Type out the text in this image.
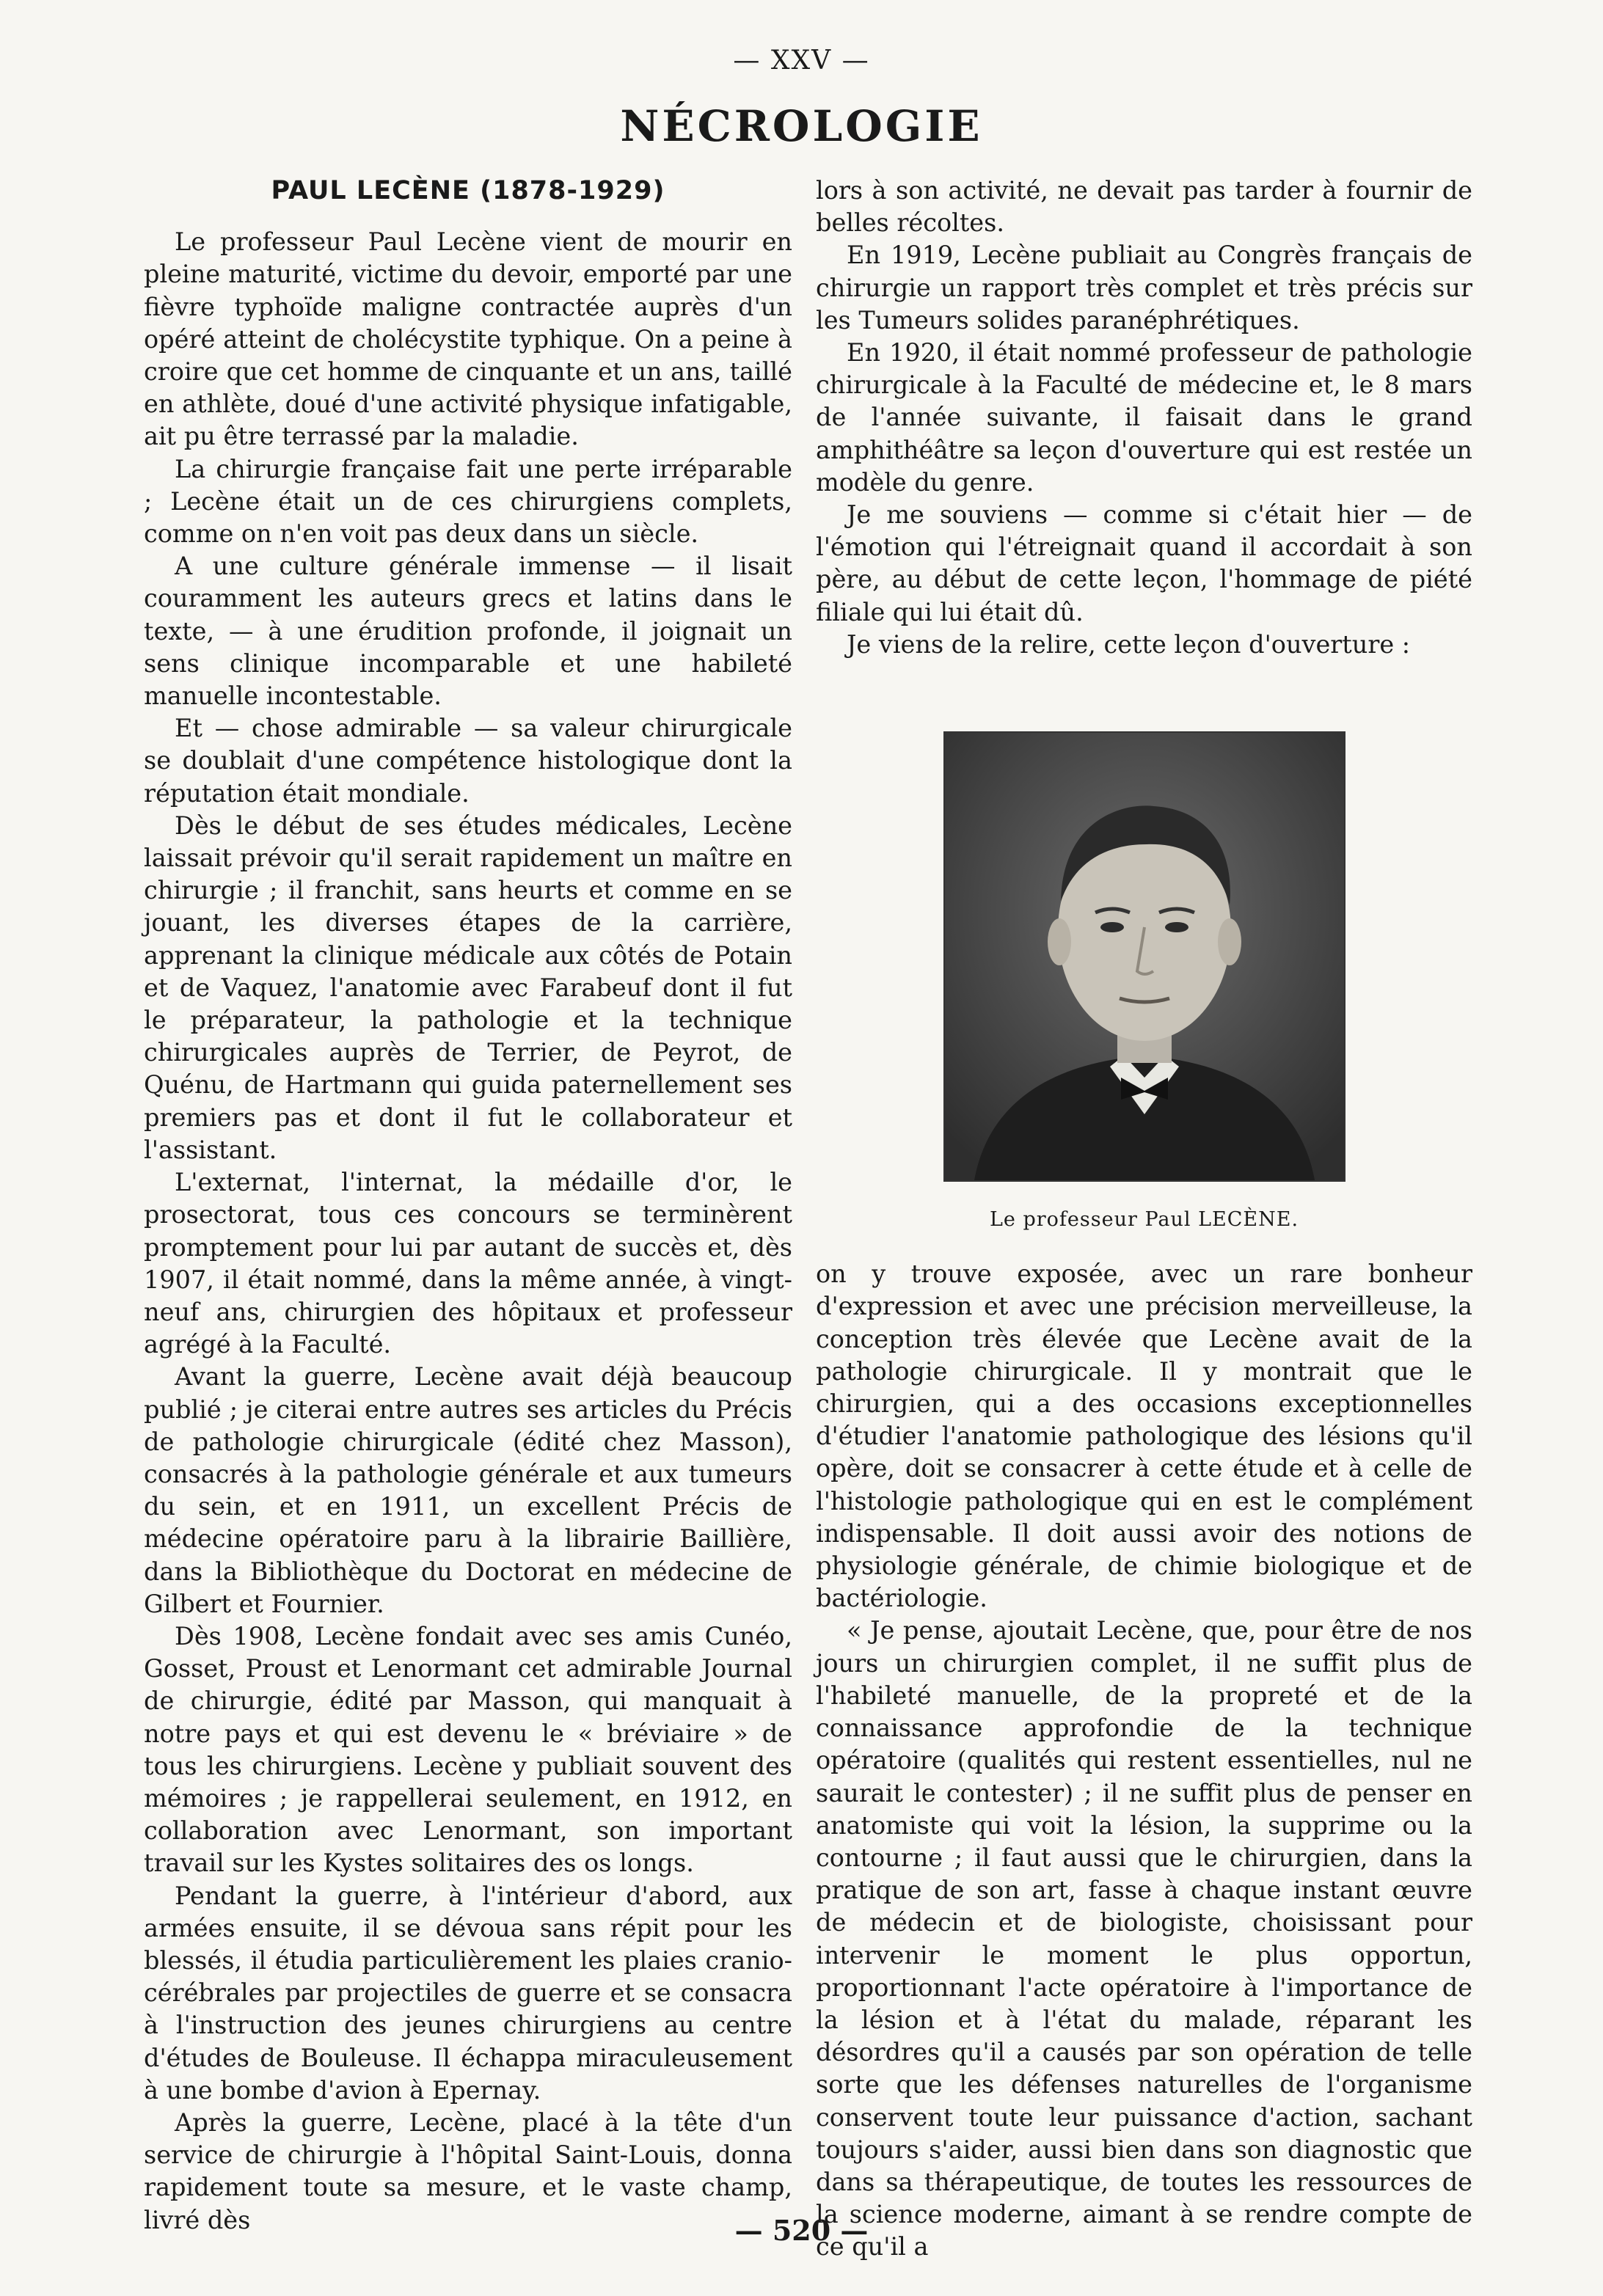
— XXV —
NÉCROLOGIE
PAUL LECÈNE (1878-1929)

Le professeur Paul Lecène vient de mourir en pleine maturité, victime du devoir, emporté par une fièvre typhoïde maligne contractée auprès d'un opéré atteint de cholécystite typhique. On a peine à croire que cet homme de cinquante et un ans, taillé en athlète, doué d'une activité physique infatigable, ait pu être terrassé par la maladie.

La chirurgie française fait une perte irréparable ; Lecène était un de ces chirurgiens complets, comme on n'en voit pas deux dans un siècle.

A une culture générale immense — il lisait couramment les auteurs grecs et latins dans le texte, — à une érudition profonde, il joignait un sens clinique incomparable et une habileté manuelle incontestable.

Et — chose admirable — sa valeur chirurgicale se doublait d'une compétence histologique dont la réputation était mondiale.

Dès le début de ses études médicales, Lecène laissait prévoir qu'il serait rapidement un maître en chirurgie ; il franchit, sans heurts et comme en se jouant, les diverses étapes de la carrière, apprenant la clinique médicale aux côtés de Potain et de Vaquez, l'anatomie avec Farabeuf dont il fut le préparateur, la pathologie et la technique chirurgicales auprès de Terrier, de Peyrot, de Quénu, de Hartmann qui guida paternellement ses premiers pas et dont il fut le collaborateur et l'assistant.

L'externat, l'internat, la médaille d'or, le prosectorat, tous ces concours se terminèrent promptement pour lui par autant de succès et, dès 1907, il était nommé, dans la même année, à vingt-neuf ans, chirurgien des hôpitaux et professeur agrégé à la Faculté.

Avant la guerre, Lecène avait déjà beaucoup publié ; je citerai entre autres ses articles du Précis de pathologie chirurgicale (édité chez Masson), consacrés à la pathologie générale et aux tumeurs du sein, et en 1911, un excellent Précis de médecine opératoire paru à la librairie Baillière, dans la Bibliothèque du Doctorat en médecine de Gilbert et Fournier.

Dès 1908, Lecène fondait avec ses amis Cunéo, Gosset, Proust et Lenormant cet admirable Journal de chirurgie, édité par Masson, qui manquait à notre pays et qui est devenu le « bréviaire » de tous les chirurgiens. Lecène y publiait souvent des mémoires ; je rappellerai seulement, en 1912, en collaboration avec Lenormant, son important travail sur les Kystes solitaires des os longs.

Pendant la guerre, à l'intérieur d'abord, aux armées ensuite, il se dévoua sans répit pour les blessés, il étudia particulièrement les plaies cranio-cérébrales par projectiles de guerre et se consacra à l'instruction des jeunes chirurgiens au centre d'études de Bouleuse. Il échappa miraculeusement à une bombe d'avion à Epernay.

Après la guerre, Lecène, placé à la tête d'un service de chirurgie à l'hôpital Saint-Louis, donna rapidement toute sa mesure, et le vaste champ, livré dès

lors à son activité, ne devait pas tarder à fournir de belles récoltes.

En 1919, Lecène publiait au Congrès français de chirurgie un rapport très complet et très précis sur les Tumeurs solides paranéphrétiques.

En 1920, il était nommé professeur de pathologie chirurgicale à la Faculté de médecine et, le 8 mars de l'année suivante, il faisait dans le grand amphithéâtre sa leçon d'ouverture qui est restée un modèle du genre.

Je me souviens — comme si c'était hier — de l'émotion qui l'étreignait quand il accordait à son père, au début de cette leçon, l'hommage de piété filiale qui lui était dû.

Je viens de la relire, cette leçon d'ouverture :

Le professeur Paul LECÈNE.

on y trouve exposée, avec un rare bonheur d'expression et avec une précision merveilleuse, la conception très élevée que Lecène avait de la pathologie chirurgicale. Il y montrait que le chirurgien, qui a des occasions exceptionnelles d'étudier l'anatomie pathologique des lésions qu'il opère, doit se consacrer à cette étude et à celle de l'histologie pathologique qui en est le complément indispensable. Il doit aussi avoir des notions de physiologie générale, de chimie biologique et de bactériologie.

« Je pense, ajoutait Lecène, que, pour être de nos jours un chirurgien complet, il ne suffit plus de l'habileté manuelle, de la propreté et de la connaissance approfondie de la technique opératoire (qualités qui restent essentielles, nul ne saurait le contester) ; il ne suffit plus de penser en anatomiste qui voit la lésion, la supprime ou la contourne ; il faut aussi que le chirurgien, dans la pratique de son art, fasse à chaque instant œuvre de médecin et de biologiste, choisissant pour intervenir le moment le plus opportun, proportionnant l'acte opératoire à l'importance de la lésion et à l'état du malade, réparant les désordres qu'il a causés par son opération de telle sorte que les défenses naturelles de l'organisme conservent toute leur puissance d'action, sachant toujours s'aider, aussi bien dans son diagnostic que dans sa thérapeutique, de toutes les ressources de la science moderne, aimant à se rendre compte de ce qu'il a

— 520 —
